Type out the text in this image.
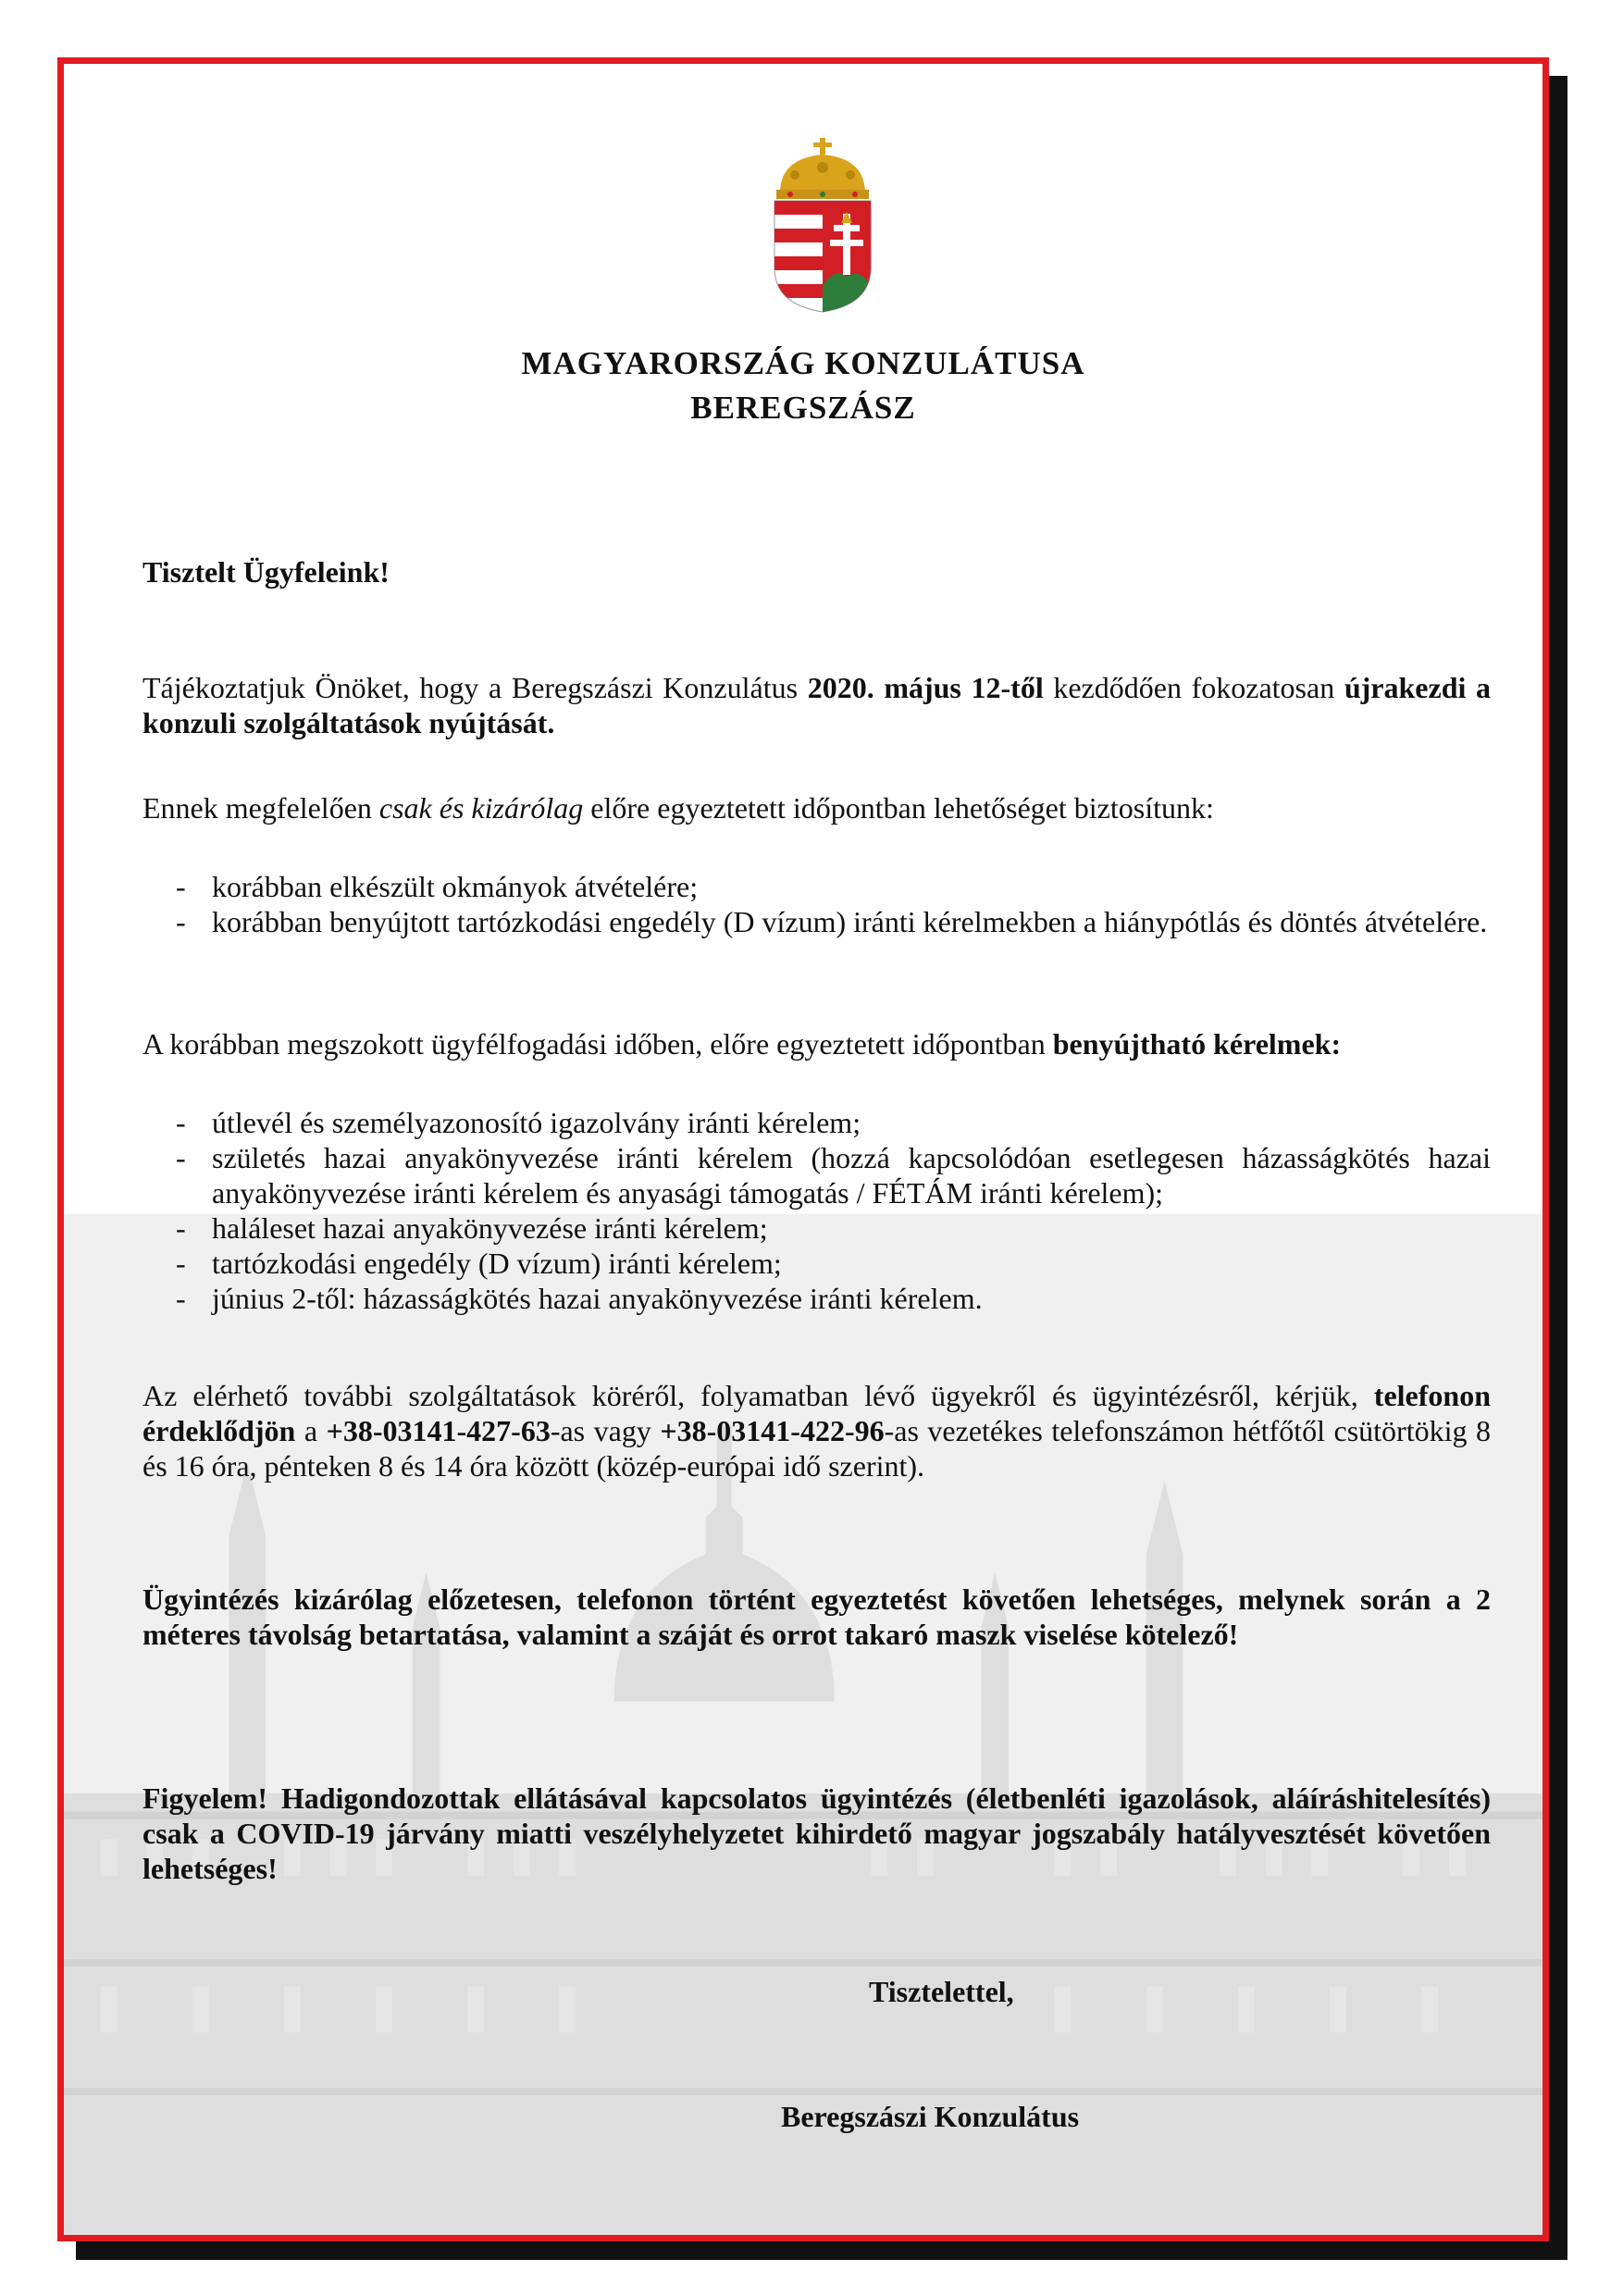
MAGYARORSZÁG KONZULÁTUSA
BEREGSZÁSZ
Tisztelt Ügyfeleink!
Tájékoztatjuk Önöket, hogy a Beregszászi Konzulátus 2020. május 12-től kezdődően fokozatosan újrakezdi a konzuli szolgáltatások nyújtását.
Ennek megfelelően csak és kizárólag előre egyeztetett időpontban lehetőséget biztosítunk:
- korábban elkészült okmányok átvételére;
- korábban benyújtott tartózkodási engedély (D vízum) iránti kérelmekben a hiánypótlás és döntés átvételére.
A korábban megszokott ügyfélfogadási időben, előre egyeztetett időpontban benyújtható kérelmek:
- útlevél és személyazonosító igazolvány iránti kérelem;
- születés hazai anyakönyvezése iránti kérelem (hozzá kapcsolódóan esetlegesen házasságkötés hazai anyakönyvezése iránti kérelem és anyasági támogatás / FÉTÁM iránti kérelem);
- haláleset hazai anyakönyvezése iránti kérelem;
- tartózkodási engedély (D vízum) iránti kérelem;
- június 2-től: házasságkötés hazai anyakönyvezése iránti kérelem.
Az elérhető további szolgáltatások köréről, folyamatban lévő ügyekről és ügyintézésről, kérjük, telefonon érdeklődjön a +38-03141-427-63-as vagy +38-03141-422-96-as vezetékes telefonszámon hétfőtől csütörtökig 8 és 16 óra, pénteken 8 és 14 óra között (közép-európai idő szerint).
Ügyintézés kizárólag előzetesen, telefonon történt egyeztetést követően lehetséges, melynek során a 2 méteres távolság betartatása, valamint a száját és orrot takaró maszk viselése kötelező!
Figyelem! Hadigondozottak ellátásával kapcsolatos ügyintézés (életbenléti igazolások, aláíráshitelesítés) csak a COVID-19 járvány miatti veszélyhelyzetet kihirdető magyar jogszabály hatályvesztését követően lehetséges!
Tisztelettel,
Beregszászi Konzulátus
